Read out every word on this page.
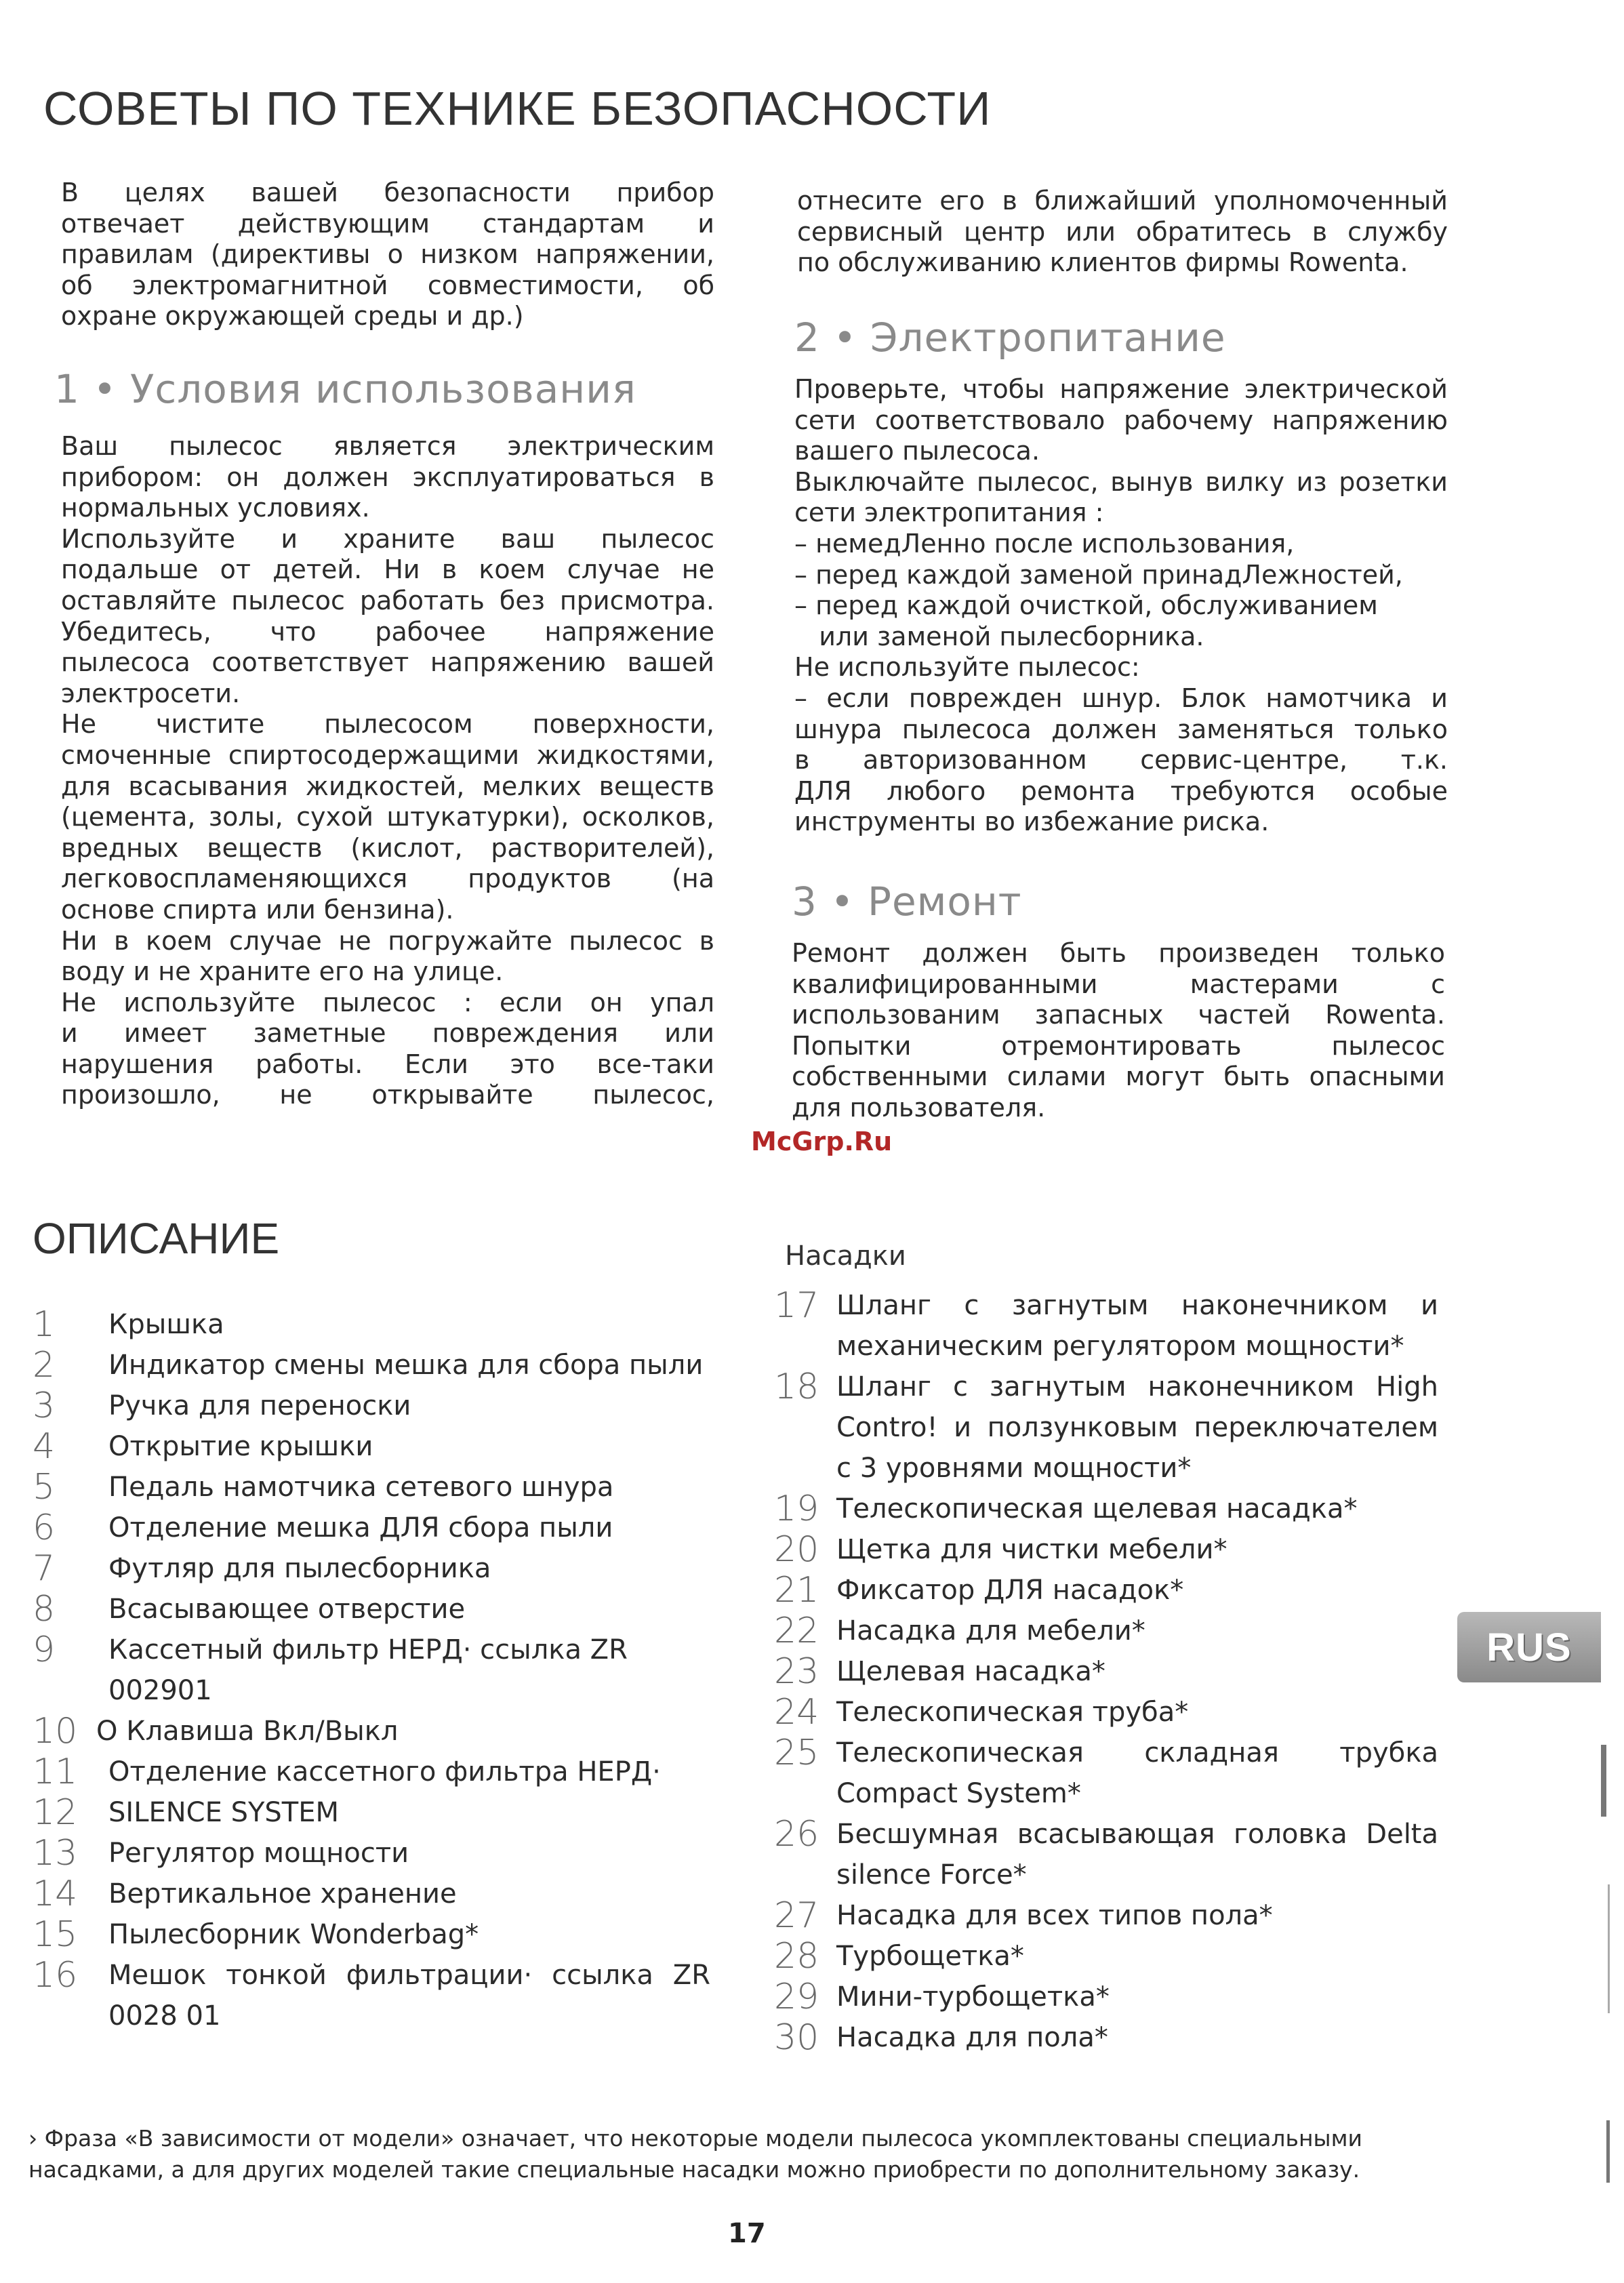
СОВЕТЫ ПО ТЕХНИКЕ БЕЗОПАСНОСТИ

В целях вашей безопасности прибор
отвечает действующим стандартам и
правилам (директивы о низком напряжении,
об электромагнитной совместимости, об
охране окружающей среды и др.)

1 • Условия использования

Ваш пылесос является электрическим
прибором: он должен эксплуатироваться в
нормальных условиях.
Используйте и храните ваш пылесос
подальше от детей. Ни в коем случае не
оставляйте пылесос работать без присмотра.
Убедитесь, что рабочее напряжение
пылесоса соответствует напряжению вашей
электросети.
Не чистите пылесосом поверхности,
смоченные спиртосодержащими жидкостями,
для всасывания жидкостей, мелких веществ
(цемента, золы, сухой штукатурки), осколков,
вредных веществ (кислот, растворителей),
легковоспламеняющихся продуктов (на
основе спирта или бензина).
Ни в коем случае не погружайте пылесос в
воду и не храните его на улице.
Не используйте пылесос : если он упал
и имеет заметные повреждения или
нарушения работы. Если это все-таки
произошло, не открывайте пылесос,

отнесите его в ближайший уполномоченный
сервисный центр или обратитесь в службу
по обслуживанию клиентов фирмы Rowenta.

2 • Электропитание

Проверьте, чтобы напряжение электрической
сети соответствовало рабочему напряжению
вашего пылесоса.
Выключайте пылесос, вынув вилку из розетки
сети электропитания :
– немедЛенно после использования,
– перед каждой заменой принадЛежностей,
– перед каждой очисткой, обслуживанием
или заменой пылесборника.
Не используйте пылесос:
– если поврежден шнур. Блок намотчика и
шнура пылесоса должен заменяться только
в авторизованном сервис-центре, т.к.
ДЛЯ любого ремонта требуются особые
инструменты во избежание риска.

3 • Ремонт

Ремонт должен быть произведен только
квалифицированными мастерами с
использованим запасных частей Rowenta.
Попытки отремонтировать пылесос
собственными силами могут быть опасными
для пользователя.

McGrp.Ru
ОПИСАНИЕ	Насадки
1 Крышка
2 Индикатор смены мешка для сбора пыли
3 Ручка для переноски
4 Открытие крышки
5 Педаль намотчика сетевого шнура
6 Отделение мешка ДЛЯ сбора пыли
7 Футляр для пылесборника
8 Всасывающее отверстие
9 Кассетный фильтр НЕРД· ссылка ZR 002901
10 О Клавиша Вкл/Выкл
11 Отделение кассетного фильтра НЕРД·
12 SILENCE SYSTEM
13 Регулятор мощности
14 Вертикальное хранение
15 Пылесборник Wonderbag*
16 Мешок тонкой фильтрации· ссылка ZR
0028 01
17 Шланг с загнутым наконечником и
механическим регулятором мощности*
18 Шланг с загнутым наконечником High
Contro! и ползунковым переключателем
с 3 уровнями мощности*
19 Телескопическая щелевая насадка*
20 Щетка для чистки мебели*
21 Фиксатор ДЛЯ насадок*
22 Насадка для мебели*
23 Щелевая насадка*
24 Телескопическая труба*
25 Телескопическая складная трубка
Compact System*
26 Бесшумная всасывающая головка Delta
silence Force*
27 Насадка для всех типов пола*
28 Турбощетка*
29 Мини-турбощетка*
30 Насадка для пола*
RUS
› Фраза «В зависимости от модели» означает, что некоторые модели пылесоса укомплектованы специальными
насадками, а для других моделей такие специальные насадки можно приобрести по дополнительному заказу.
17
